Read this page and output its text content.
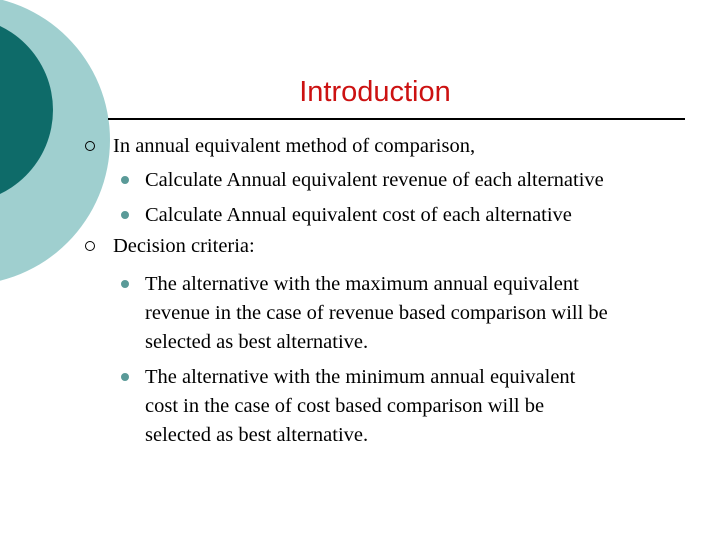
Introduction
In annual equivalent method of comparison,
Calculate Annual equivalent revenue of each alternative
Calculate Annual equivalent cost of each alternative
Decision criteria:
The alternative with the maximum annual equivalent
revenue in the case of revenue based comparison will be
selected as best alternative.
The alternative with the minimum annual equivalent
cost in the case of cost based comparison will be
selected as best alternative.
